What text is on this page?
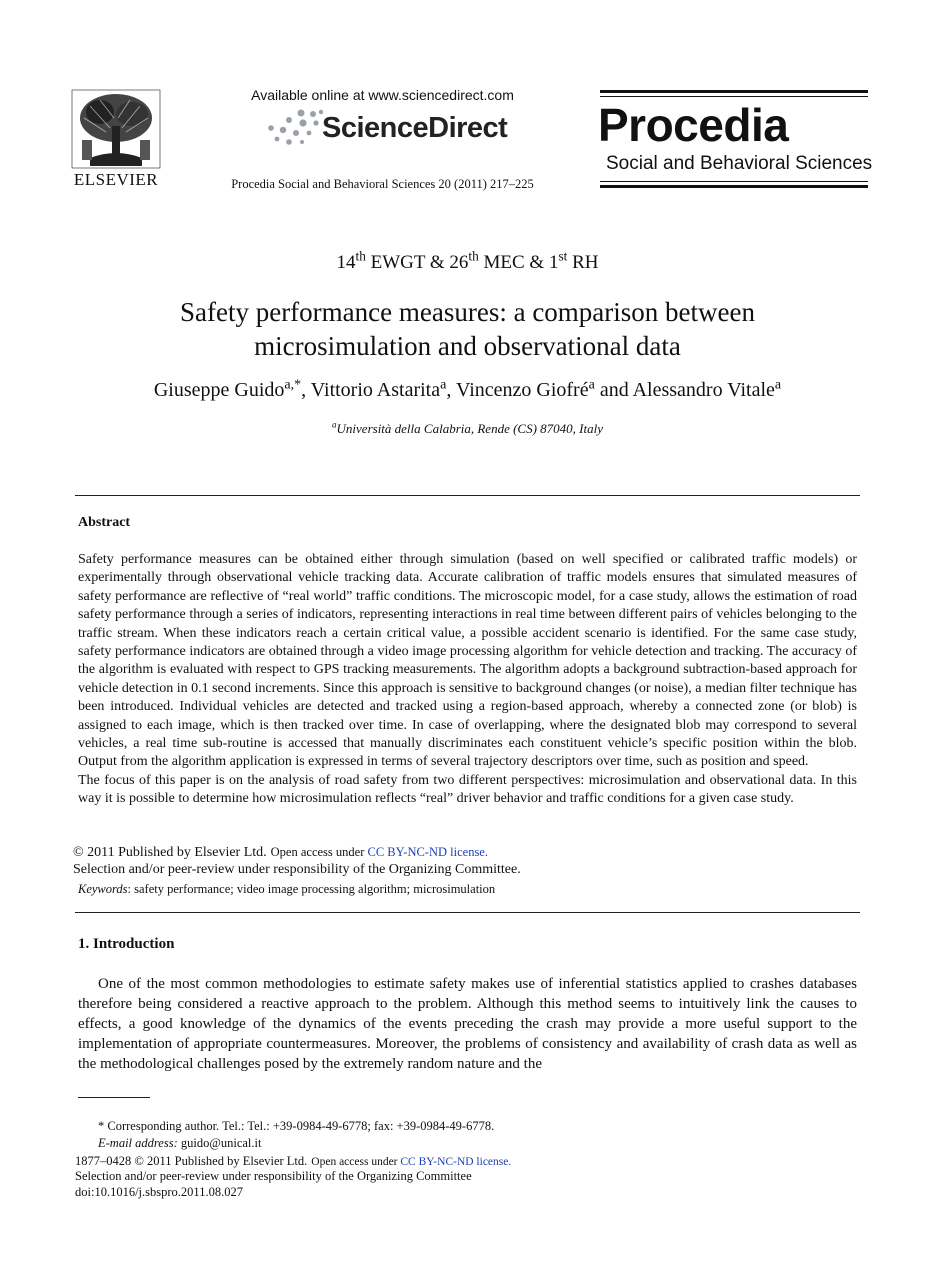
ELSEVIER
Available online at www.sciencedirect.com
ScienceDirect
Procedia Social and Behavioral Sciences 20 (2011) 217–225
Procedia
Social and Behavioral Sciences
14th EWGT & 26th MEC & 1st RH
Safety performance measures: a comparison between
microsimulation and observational data
Giuseppe Guido$^{a,*}$, Vittorio Astarita$^a$, Vincenzo Giofré$^a$ and Alessandro Vitale$^a$
$^a$Università della Calabria, Rende (CS) 87040, Italy
Abstract

Safety performance measures can be obtained either through simulation (based on well specified or calibrated traffic models) or experimentally through observational vehicle tracking data. Accurate calibration of traffic models ensures that simulated measures of safety performance are reflective of “real world” traffic conditions. The microscopic model, for a case study, allows the estimation of road safety performance through a series of indicators, representing interactions in real time between different pairs of vehicles belonging to the traffic stream. When these indicators reach a certain critical value, a possible accident scenario is identified. For the same case study, safety performance indicators are obtained through a video image processing algorithm for vehicle detection and tracking. The accuracy of the algorithm is evaluated with respect to GPS tracking measurements. The algorithm adopts a background subtraction-based approach for vehicle detection in 0.1 second increments. Since this approach is sensitive to background changes (or noise), a median filter technique has been introduced. Individual vehicles are detected and tracked using a region-based approach, whereby a connected zone (or blob) is assigned to each image, which is then tracked over time. In case of overlapping, where the designated blob may correspond to several vehicles, a real time sub-routine is accessed that manually discriminates each constituent vehicle’s specific position within the blob. Output from the algorithm application is expressed in terms of several trajectory descriptors over time, such as position and speed.

The focus of this paper is on the analysis of road safety from two different perspectives: microsimulation and observational data. In this way it is possible to determine how microsimulation reflects “real” driver behavior and traffic conditions for a given case study.

© 2011 Published by Elsevier Ltd. Open access under CC BY-NC-ND license.
Selection and/or peer-review under responsibility of the Organizing Committee.
Keywords: safety performance; video image processing algorithm; microsimulation
1. Introduction
One of the most common methodologies to estimate safety makes use of inferential statistics applied to crashes databases therefore being considered a reactive approach to the problem. Although this method seems to intuitively link the causes to effects, a good knowledge of the dynamics of the events preceding the crash may provide a more useful support to the implementation of appropriate countermeasures. Moreover, the problems of consistency and availability of crash data as well as the methodological challenges posed by the extremely random nature and the
* Corresponding author. Tel.: Tel.: +39-0984-49-6778; fax: +39-0984-49-6778.
E-mail address: guido@unical.it
1877–0428 © 2011 Published by Elsevier Ltd. Open access under CC BY-NC-ND license.
Selection and/or peer-review under responsibility of the Organizing Committee
doi:10.1016/j.sbspro.2011.08.027
